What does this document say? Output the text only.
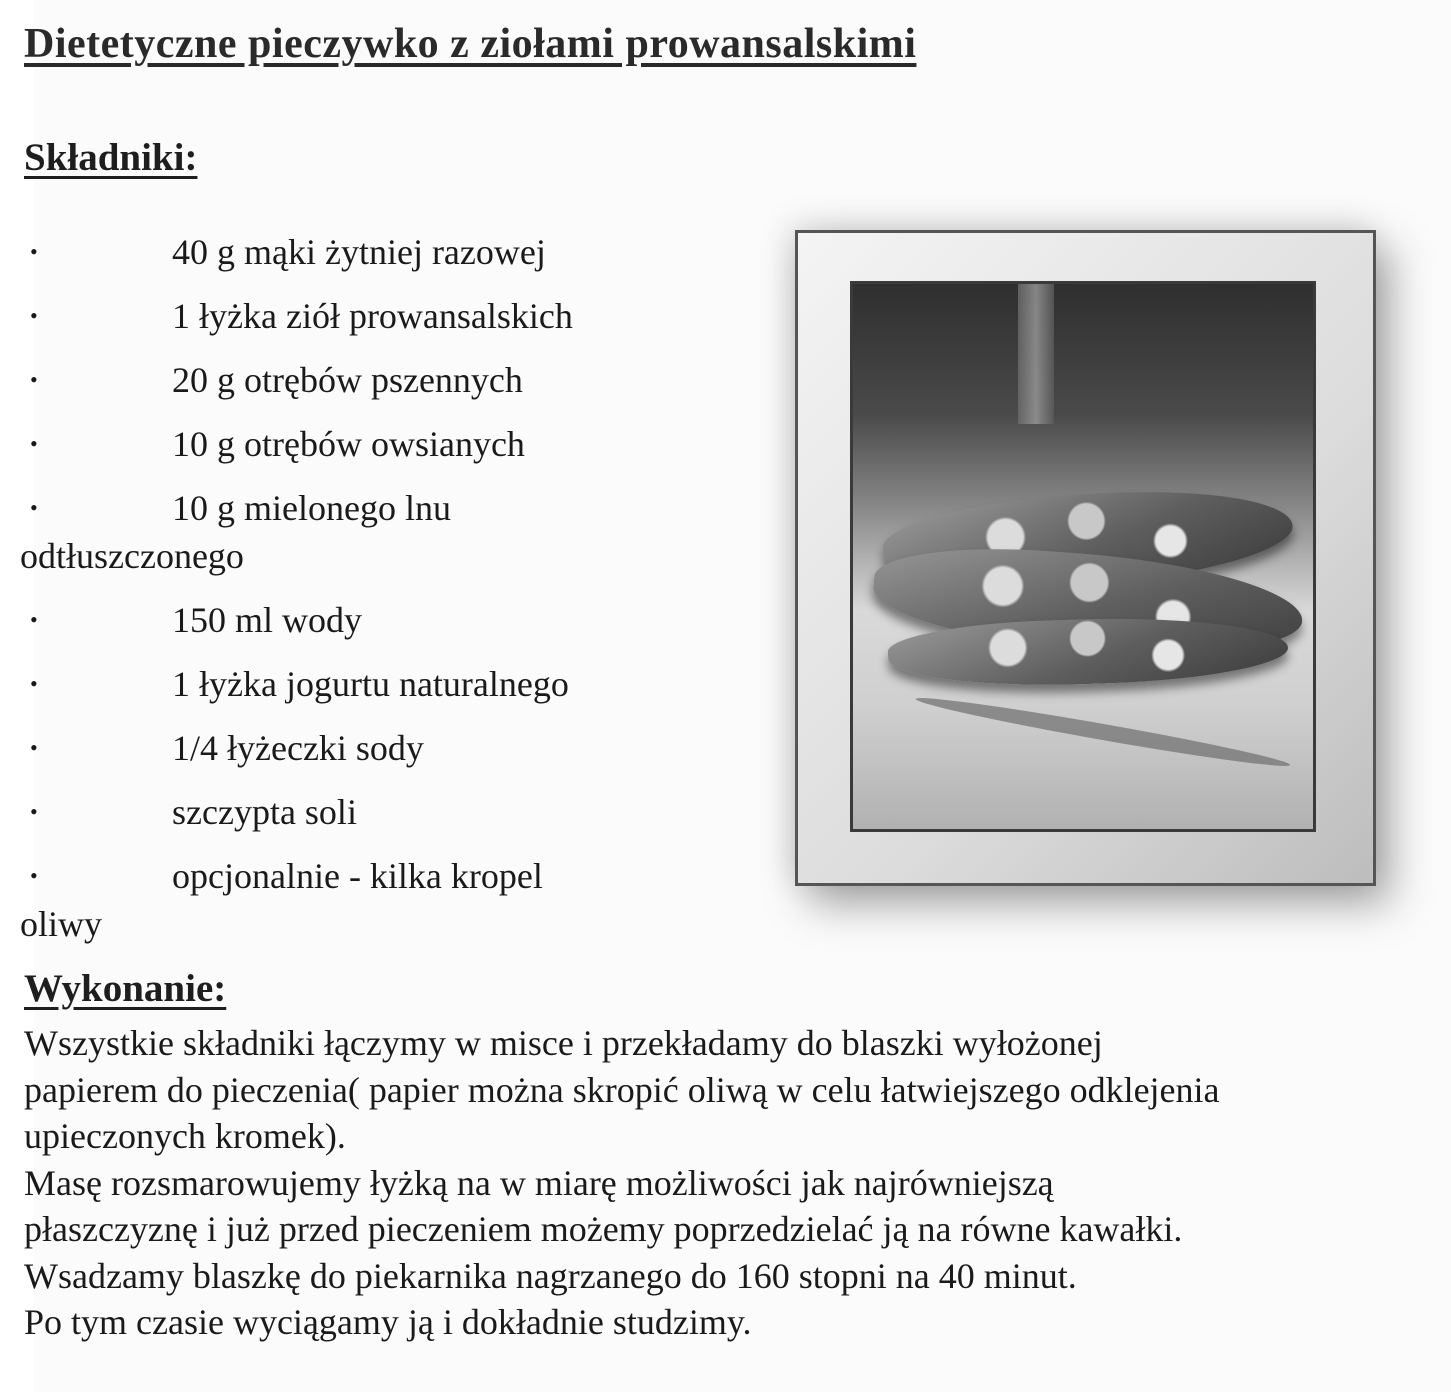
Dietetyczne pieczywko z ziołami prowansalskimi
Składniki:
•	40 g mąki żytniej razowej
•	1 łyżka ziół prowansalskich
•	20 g otrębów pszennych
•	10 g otrębów owsianych
•	10 g mielonego lnu
odtłuszczonego
•	150 ml wody
•	1 łyżka jogurtu naturalnego
•	1/4 łyżeczki sody
•	szczypta soli
•	opcjonalnie - kilka kropel
oliwy
Wykonanie:

Wszystkie składniki łączymy w misce i przekładamy do blaszki wyłożonej

papierem do pieczenia( papier można skropić oliwą w celu łatwiejszego odklejenia

upieczonych kromek).

Masę rozsmarowujemy łyżką na w miarę możliwości jak najrówniejszą

płaszczyznę i już przed pieczeniem możemy poprzedzielać ją na równe kawałki.

Wsadzamy blaszkę do piekarnika nagrzanego do 160 stopni na 40 minut.

Po tym czasie wyciągamy ją i dokładnie studzimy.
